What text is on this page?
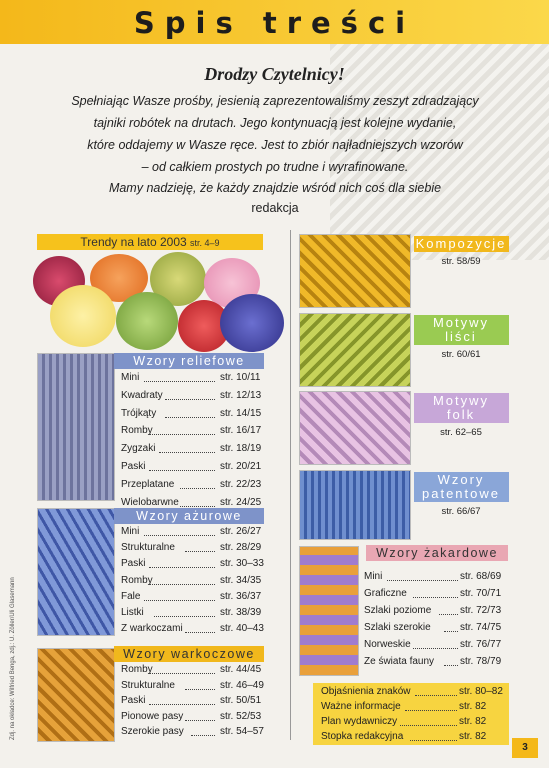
Spis treści
Drodzy Czytelnicy!
Trendy na lato 2003 str. 4–9
3
Zdj. na okładce: Wilfried Benga, zdj.: U. Zöller/Uli Glasemann
Spełniając Wasze prośby, jesienią zaprezentowaliśmy zeszyt zdradzający
tajniki robótek na drutach. Jego kontynuacją jest kolejne wydanie,
które oddajemy w Wasze ręce. Jest to zbiór najładniejszych wzorów
– od całkiem prostych po trudne i wyrafinowane.
Mamy nadzieję, że każdy znajdzie wśród nich coś dla siebie
redakcja
Wzory reliefowe
Mini	str. 10/11
Kwadraty	str. 12/13
Trójkąty	str. 14/15
Romby	str. 16/17
Zygzaki	str. 18/19
Paski	str. 20/21
Przeplatane	str. 22/23
Wielobarwne	str. 24/25
Wzory ażurowe
Mini	str. 26/27
Strukturalne	str. 28/29
Paski	str. 30–33
Romby	str. 34/35
Fale	str. 36/37
Listki	str. 38/39
Z warkoczami	str. 40–43
Wzory warkoczowe
Romby	str. 44/45
Strukturalne	str. 46–49
Paski	str. 50/51
Pionowe pasy	str. 52/53
Szerokie pasy	str. 54–57
Kompozycje
str. 58/59
Motywy
liści
str. 60/61
Motywy
folk
str. 62–65
Wzory
patentowe
str. 66/67
Wzory żakardowe
Mini	str. 68/69
Graficzne	str. 70/71
Szlaki poziome	str. 72/73
Szlaki szerokie	str. 74/75
Norweskie	str. 76/77
Ze świata fauny	str. 78/79
Objaśnienia znaków	str. 80–82
Ważne informacje	str. 82
Plan wydawniczy	str. 82
Stopka redakcyjna	str. 82
